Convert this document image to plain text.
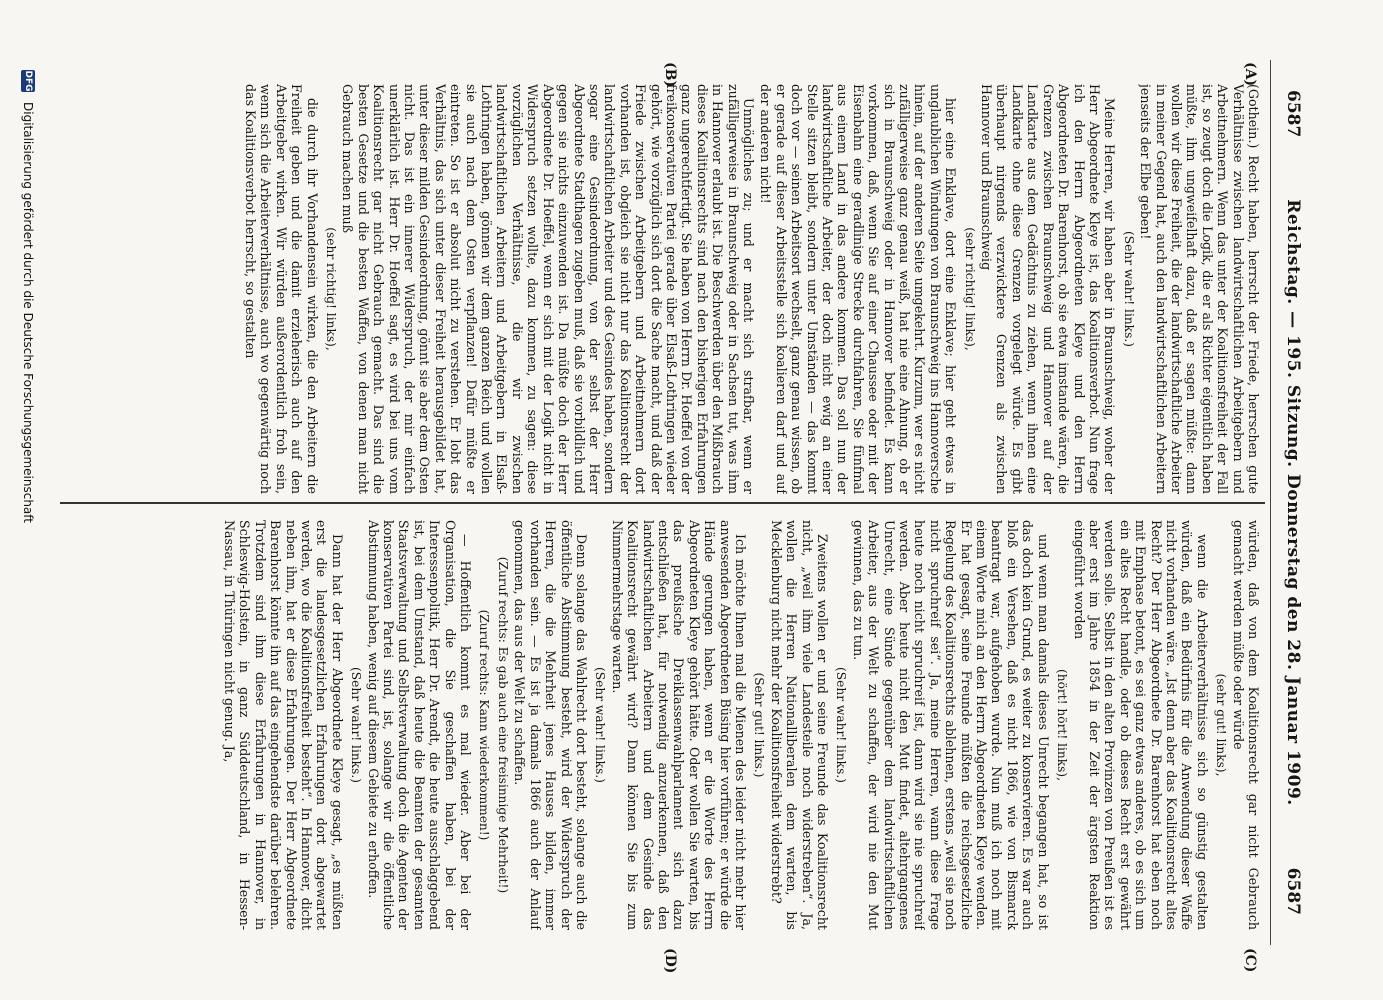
6587
Reichstag. — 195. Sitzung. Donnerstag den 28. Januar 1909.
6587
(A)
(B)
(C)
(D)

(Gothein.) Recht haben, herrscht der Friede, herrschen gute Verhältnisse zwischen landwirtschaftlichen Arbeitgebern und Arbeitnehmern. Wenn das unter der Koalitionsfreiheit der Fall ist, so zeugt doch die Logik, die er als Richter eigentlich haben müßte, ihm ungweifelhaft dazu, daß er sagen müßte: dann wollen wir diese Freiheit, die der landwirtschaftliche Arbeiter in meiner Gegend hat, auch den landwirtschaftlichen Arbeitern jenseits der Elbe geben!

(Sehr wahr! links.)

Meine Herren, wir haben aber in Braunschweig, woher der Herr Abgeordnete Kleye ist, das Koalitionsverbot. Nun frage ich den Herrn Abgeordneten Kleye und den Herrn Abgeordneten Dr. Barenhorst, ob sie etwa imstande wären, die Grenzen zwischen Braunschweig und Hannover auf der Landkarte aus dem Gedächtnis zu ziehen, wenn ihnen eine Landkarte ohne diese Grenzen vorgelegt würde. Es gibt überhaupt nirgends verzwicktere Grenzen als zwischen Hannover und Braunschweig

(sehr richtig! links),

hier eine Enklave, dort eine Enklave; hier geht etwas in unglaublichen Windungen von Braunschweig ins Hannoversche hinein, auf der anderen Seite umgekehrt. Kurzum, wer es nicht zufälligerweise ganz genau weiß, hat nie eine Ahnung, ob er sich in Braunschweig oder in Hannover befindet. Es kann vorkommen, daß, wenn Sie auf einer Chaussee oder mit der Eisenbahn eine geradlinige Strecke durchfahren, Sie fünfmal aus einem Land in das andere kommen. Das soll nun der landwirtschaftliche Arbeiter, der doch nicht ewig an einer Stelle sitzen bleibt, sondern unter Umständen — das kommt doch vor — seinen Arbeitsort wechselt, ganz genau wissen, ob er gerade auf dieser Arbeitsstelle sich koalieren darf und auf der anderen nicht!

Unmögliches zu; und er macht sich strafbar, wenn er zufälligerweise in Braunschweig oder in Sachsen tut, was ihm in Hannover erlaubt ist. Die Beschwerden über den Mißbrauch dieses Koalitionsrechts sind nach den bisherigen Erfahrungen ganz ungerechtfertigt. Sie haben von Herrn Dr. Hoeffel von der freikonservativen Partei gerade über Elsaß-Lothringen wieder gehört, wie vorzüglich sich dort die Sache macht, und daß der Friede zwischen Arbeitgebern und Arbeitnehmern dort vorhanden ist, obgleich sie nicht nur das Koalitionsrecht der landwirtschaftlichen Arbeiter und des Gesindes haben, sondern sogar eine Gesindeordnung, von der selbst der Herr Abgeordnete Stadthagen zugeben muß, daß sie vorbildlich und gegen sie nichts einzuwenden ist. Da müßte doch der Herr Abgeordnete Dr. Hoeffel, wenn er sich mit der Logik nicht in Widerspruch setzen wollte, dazu kommen, zu sagen: diese vorzüglichen Verhältnisse, die wir zwischen landwirtschaftlichen Arbeitern und Arbeitgebern in Elsaß-Lothringen haben, gönnen wir dem ganzen Reich und wollen sie auch nach dem Osten verpflanzen! Dafür müßte er eintreten. So ist er absolut nicht zu verstehen. Er lobt das Verhältnis, das sich unter dieser Freiheit herausgebildet hat, unter dieser milden Gesindeordnung, gönnt sie aber dem Osten nicht. Das ist ein innerer Widerspruch, der mir einfach unerklärlich ist. Herr Dr. Hoeffel sagt, es wird bei uns vom Koalitionsrecht gar nicht Gebrauch gemacht. Das sind die besten Gesetze und die besten Waffen, von denen man nicht Gebrauch machen muß

(sehr richtig! links),

die durch ihr Vorhandensein wirken, die den Arbeitern die Freiheit geben und die damit erzieherisch auch auf den Arbeitgeber wirken. Wir würden außerordentlich froh sein, wenn sich die Arbeiterverhältnisse, auch wo gegenwärtig noch das Koalitionsverbot herrscht, so gestalten

würden, daß von dem Koalitionsrecht gar nicht Gebrauch gemacht werden müßte oder würde

(sehr gut! links),

wenn die Arbeiterverhältnisse sich so günstig gestalten würden, daß ein Bedürfnis für die Anwendung dieser Waffe nicht vorhanden wäre. „Ist denn aber das Koalitionsrecht altes Recht? Der Herr Abgeordnete Dr. Barenhorst hat eben noch mit Emphase betont, es sei ganz etwas anderes, ob es sich um ein altes Recht handle, oder ob dieses Recht erst gewährt werden solle. Selbst in den alten Provinzen von Preußen ist es aber erst im Jahre 1854 in der Zeit der ärgsten Reaktion eingeführt worden

(hört! hört! links),

und wenn man damals dieses Unrecht begangen hat, so ist das doch kein Grund, es weiter zu konservieren. Es war auch bloß ein Versehen, daß es nicht 1866, wie von Bismarck beantragt war, aufgehoben wurde. Nun muß ich noch mit einem Worte mich an den Herrn Abgeordneten Kleye wenden. Er hat gesagt, seine Freunde müßten die reichsgesetzliche Regelung des Koalitionsrechts ablehnen, erstens „weil sie noch nicht spruchreif sei“. Ja, meine Herren, wann diese Frage heute noch nicht spruchreif ist, dann wird sie nie spruchreif werden. Aber heute nicht den Mut findet, altehrgangenes Unrecht, eine Sünde gegenüber dem landwirtschaftlichen Arbeiter, aus der Welt zu schaffen, der wird nie den Mut gewinnen, das zu tun.

(Sehr wahr! links.)

Zweitens wollen er und seine Freunde das Koalitionsrecht nicht, „weil ihm viele Landesteile noch widerstreben“. Ja, wollen die Herren Nationalliberalen dem warten, bis Mecklenburg nicht mehr der Koalitionsfreiheit widerstrebt?

(Sehr gut! links.)

Ich möchte Ihnen mal die Mienen des leider nicht mehr hier anwesenden Abgeordneten Büsing hier vorführen; er würde die Hände gerungen haben, wenn er die Worte des Herrn Abgeordneten Kleye gehört hätte. Oder wollen Sie warten, bis das preußische Dreiklassenwahlparlament sich dazu entschließen hat, für notwendig anzuerkennen, daß den landwirtschaftlichen Arbeitern und dem Gesinde das Koalitionsrecht gewährt wird? Dann können Sie bis zum Nimmermehrstage warten.

(Sehr wahr! links.)

Denn solange das Wahlrecht dort besteht, solange auch die öffentliche Abstimmung besteht, wird der Widerspruch der Herren, die die Mehrheit jenes Hauses bilden, immer vorhanden sein. — Es ist ja damals 1866 auch der Anlauf genommen, das aus der Welt zu schaffen.

(Zuruf rechts: Es gab auch eine freisinnige Mehrheit!)
(Zuruf rechts: Kann wiederkommen!)

— Hoffentlich kommt es mal wieder. Aber bei der Organisation, die Sie geschaffen haben, bei der Interessenpolitik, Herr Dr. Arendt, die heute ausschlaggebend ist, bei dem Umstand, daß heute die Beamten der gesamten Staatsverwaltung und Selbstverwaltung doch die Agenten der konservativen Partei sind, ist, solange wir die öffentliche Abstimmung haben, wenig auf diesem Gebiete zu erhoffen.

(Sehr wahr! links.)

Dann hat der Herr Abgeordnete Kleye gesagt, „es müßten erst die landesgesetzlichen Erfahrungen dort abgewartet werden, wo die Koalitionsfreiheit besteht“. In Hannover, dicht neben ihm, hat er diese Erfahrungen. Der Herr Abgeordnete Barenhorst könnte ihn auf das eingehendste darüber belehren. Trotzdem sind ihm diese Erfahrungen in Hannover, in Schleswig-Holstein, in ganz Süddeutschland, in Hessen-Nassau, in Thüringen nicht genug. Ja,

DFG
Digitalisierung gefördert durch die Deutsche Forschungsgemeinschaft
